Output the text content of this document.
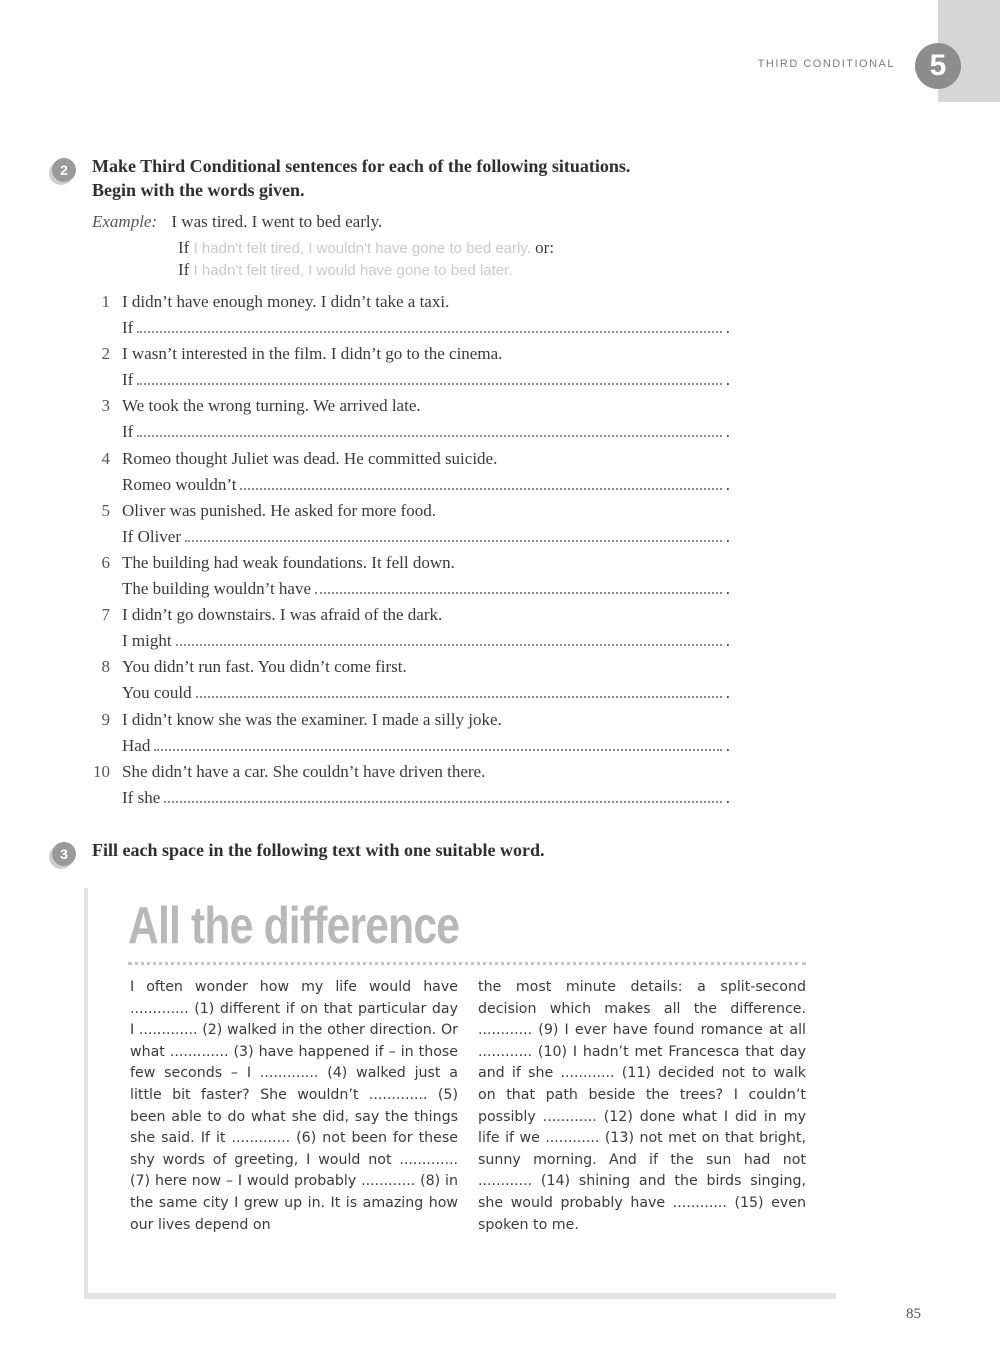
THIRD CONDITIONAL	5
2	Make Third Conditional sentences for each of the following situations.
Begin with the words given.
Example: I was tired. I went to bed early.
If I hadn't felt tired, I wouldn't have gone to bed early. or:
If I hadn't felt tired, I would have gone to bed later.
1 I didn’t have enough money. I didn’t take a taxi.
If	.
2 I wasn’t interested in the film. I didn’t go to the cinema.
If	.
3 We took the wrong turning. We arrived late.
If	.
4 Romeo thought Juliet was dead. He committed suicide.
Romeo wouldn’t	.
5 Oliver was punished. He asked for more food.
If Oliver	.
6 The building had weak foundations. It fell down.
The building wouldn’t have	.
7 I didn’t go downstairs. I was afraid of the dark.
I might	.
8 You didn’t run fast. You didn’t come first.
You could	.
9 I didn’t know she was the examiner. I made a silly joke.
Had	.
10 She didn’t have a car. She couldn’t have driven there.
If she	.
3	Fill each space in the following text with one suitable word.
All the difference
I often wonder how my life would have ............. (1) different if on that particular day I ............. (2) walked in the other direction. Or what ............. (3) have happened if – in those few seconds – I ............. (4) walked just a little bit faster? She wouldn’t ............. (5) been able to do what she did, say the things she said. If it ............. (6) not been for these shy words of greeting, I would not ............. (7) here now – I would probably ............ (8) in the same city I grew up in. It is amazing how our lives depend on
the most minute details: a split-second decision which makes all the difference. ............ (9) I ever have found romance at all ............ (10) I hadn’t met Francesca that day and if she ............ (11) decided not to walk on that path beside the trees? I couldn’t possibly ............ (12) done what I did in my life if we ............ (13) not met on that bright, sunny morning. And if the sun had not ............ (14) shining and the birds singing, she would probably have ............ (15) even spoken to me.
85
